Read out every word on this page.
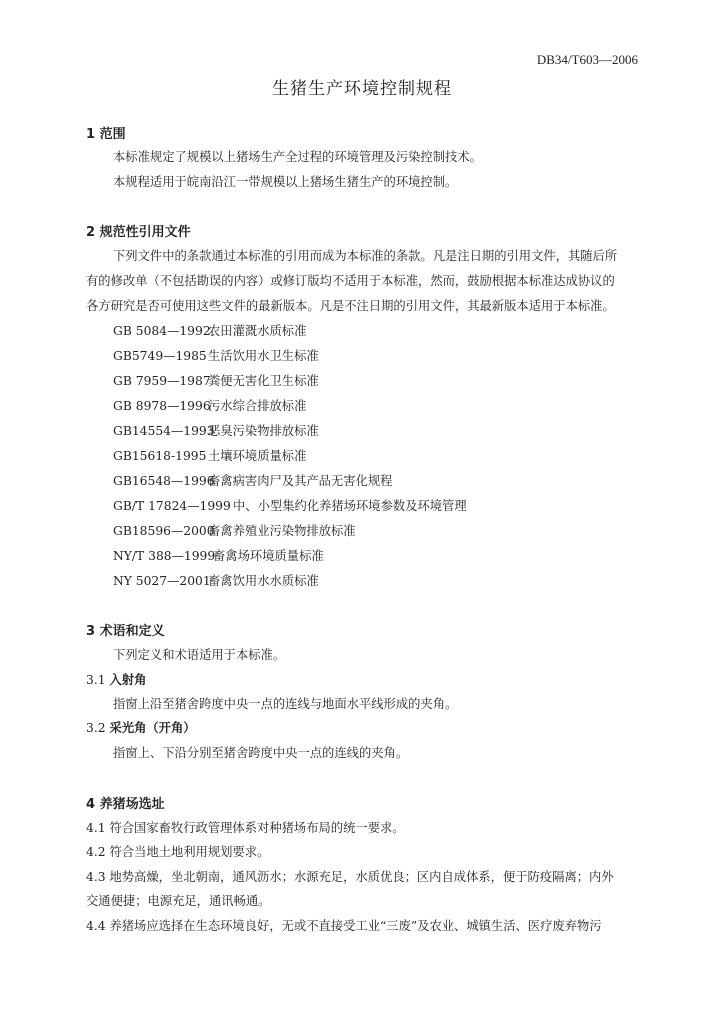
DB34/T603—2006
生猪生产环境控制规程
1 范围
本标准规定了规模以上猪场生产全过程的环境管理及污染控制技术。
本规程适用于皖南沿江一带规模以上猪场生猪生产的环境控制。
2 规范性引用文件
下列文件中的条款通过本标准的引用而成为本标准的条款。凡是注日期的引用文件，其随后所
有的修改单（不包括勘误的内容）或修订版均不适用于本标准，然而，鼓励根据本标准达成协议的
各方研究是否可使用这些文件的最新版本。凡是不注日期的引用文件，其最新版本适用于本标准。
GB 5084—1992农田灌溉水质标准
GB5749—1985生活饮用水卫生标准
GB 7959—1987粪便无害化卫生标准
GB 8978—1996污水综合排放标准
GB14554—1993恶臭污染物排放标准
GB15618-1995 土壤环境质量标准
GB16548—1996畜禽病害肉尸及其产品无害化规程
GB/T 17824—1999 中、小型集约化养猪场环境参数及环境管理
GB18596—2000畜禽养殖业污染物排放标准
NY/T 388—1999畜禽场环境质量标准
NY 5027—2001畜禽饮用水水质标准
3 术语和定义
下列定义和术语适用于本标准。
3.1 入射角
指窗上沿至猪舍跨度中央一点的连线与地面水平线形成的夹角。
3.2 采光角（开角）
指窗上、下沿分别至猪舍跨度中央一点的连线的夹角。
4 养猪场选址
4.1 符合国家畜牧行政管理体系对种猪场布局的统一要求。
4.2 符合当地土地利用规划要求。
4.3 地势高燥，坐北朝南，通风沥水；水源充足，水质优良；区内自成体系，便于防疫隔离；内外
交通便捷；电源充足，通讯畅通。
4.4 养猪场应选择在生态环境良好，无或不直接受工业“三废”及农业、城镇生活、医疗废弃物污
